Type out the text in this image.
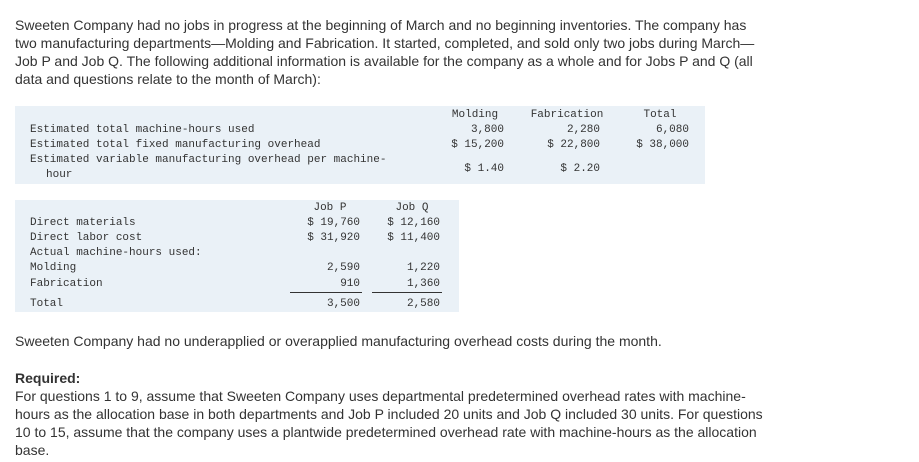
Sweeten Company had no jobs in progress at the beginning of March and no beginning inventories. The company has
two manufacturing departments—Molding and Fabrication. It started, completed, and sold only two jobs during March—
Job P and Job Q. The following additional information is available for the company as a whole and for Jobs P and Q (all
data and questions relate to the month of March):
Molding	Fabrication	Total
Estimated total machine-hours used	3,800	2,280	6,080
Estimated total fixed manufacturing overhead	$ 15,200	$ 22,800	$ 38,000
Estimated variable manufacturing overhead per machine-
hour	$ 1.40	$ 2.20
Job P	Job Q
Direct materials	$ 19,760	$ 12,160
Direct labor cost	$ 31,920	$ 11,400
Actual machine-hours used:
Molding	2,590	1,220
Fabrication	910	1,360
Total	3,500	2,580
Sweeten Company had no underapplied or overapplied manufacturing overhead costs during the month.
Required:
For questions 1 to 9, assume that Sweeten Company uses departmental predetermined overhead rates with machine-
hours as the allocation base in both departments and Job P included 20 units and Job Q included 30 units. For questions
10 to 15, assume that the company uses a plantwide predetermined overhead rate with machine-hours as the allocation
base.
